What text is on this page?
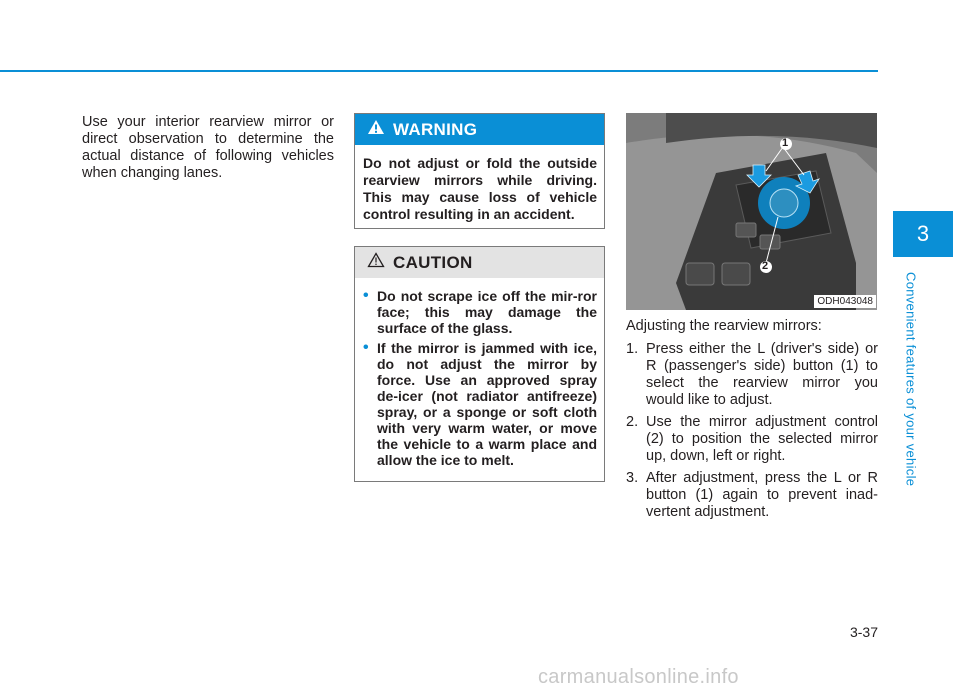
Use your interior rearview mirror or direct observation to determine the actual distance of following vehicles when changing lanes.
WARNING
Do not adjust or fold the outside rearview mirrors while driving. This may cause loss of vehicle control resulting in an accident.
CAUTION
• Do not scrape ice off the mir-ror face; this may damage the surface of the glass.
• If the mirror is jammed with ice, do not adjust the mirror by force. Use an approved spray de-icer (not radiator antifreeze) spray, or a sponge or soft cloth with very warm water, or move the vehicle to a warm place and allow the ice to melt.
1
2
ODH043048

Adjusting the rearview mirrors:

1. Press either the L (driver's side) or R (passenger's side) button (1) to select the rearview mirror you would like to adjust.
2. Use the mirror adjustment control (2) to position the selected mirror up, down, left or right.
3. After adjustment, press the L or R button (1) again to prevent inad-vertent adjustment.
3
Convenient features of your vehicle
3-37
carmanualsonline.info
